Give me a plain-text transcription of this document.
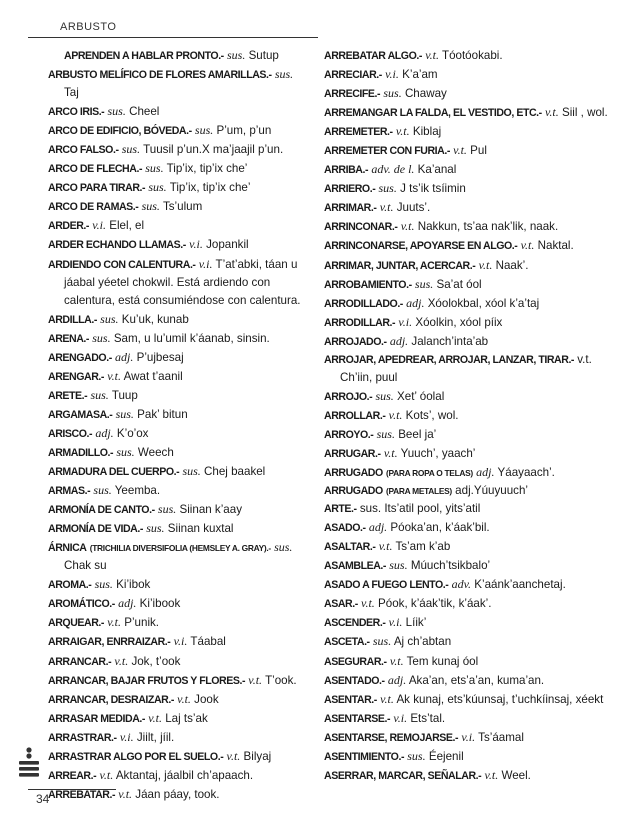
ARBUSTO

APRENDEN A HABLAR PRONTO.- sus. Sutup

ARBUSTO MELÍFICO DE FLORES AMARILLAS.- sus. Taj

ARCO IRIS.- sus. Cheel

ARCO DE EDIFICIO, BÓVEDA.- sus. P’um, p’un

ARCO FALSO.- sus. Tuusil p’un.X ma’jaajil p’un.

ARCO DE FLECHA.- sus. Tip’ix, tip’ix che’

ARCO PARA TIRAR.- sus. Tip’ix, tip’ix che’

ARCO DE RAMAS.- sus. Ts’ulum

ARDER.- v.i. Elel, el

ARDER ECHANDO LLAMAS.- v.i. Jopankil

ARDIENDO CON CALENTURA.- v.i. T’at’abki, táan u jáabal yéetel chokwil. Está ardiendo con calentura, está consumiéndose con calentura.

ARDILLA.- sus. Ku’uk, kunab

ARENA.- sus. Sam, u lu’umil k’áanab, sinsin.

ARENGADO.- adj. P’ujbesaj

ARENGAR.- v.t. Awat t’aanil

ARETE.- sus. Tuup

ARGAMASA.- sus. Pak’ bitun

ARISCO.- adj. K’o’ox

ARMADILLO.- sus. Weech

ARMADURA DEL CUERPO.- sus. Chej baakel

ARMAS.- sus. Yeemba.

ARMONÍA DE CANTO.- sus. Siinan k’aay

ARMONÍA DE VIDA.- sus. Siinan kuxtal

ÁRNICA (TRICHILIA DIVERSIFOLIA (HEMSLEY A. GRAY).- sus. Chak su

AROMA.- sus. Ki’ibok

AROMÁTICO.- adj. Ki’ibook

ARQUEAR.- v.t. P’unik.

ARRAIGAR, ENRRAIZAR.- v.i. Táabal

ARRANCAR.- v.t. Jok, t’ook

ARRANCAR, BAJAR FRUTOS Y FLORES.- v.t. T’ook.

ARRANCAR, DESRAIZAR.- v.t. Jook

ARRASAR MEDIDA.- v.t. Laj ts’ak

ARRASTRAR.- v.i. Jiilt, jíil.

ARRASTRAR ALGO POR EL SUELO.- v.t. Bilyaj

ARREAR.- v.t. Aktantaj, jáalbil ch’apaach.

ARREBATAR.- v.t. Jáan páay, took.

ARREBATAR ALGO.- v.t. Tóotóokabi.

ARRECIAR.- v.i. K’a’am

ARRECIFE.- sus. Chaway

ARREMANGAR LA FALDA, EL VESTIDO, ETC.- v.t. Siil , wol.

ARREMETER.- v.t. Kiblaj

ARREMETER CON FURIA.- v.t. Pul

ARRIBA.- adv. de l. Ka’anal

ARRIERO.- sus. J ts’ik tsíimin

ARRIMAR.- v.t. Juuts’.

ARRINCONAR.- v.t. Nakkun, ts’aa nak’lik, naak.

ARRINCONARSE, APOYARSE EN ALGO.- v.t. Naktal.

ARRIMAR, JUNTAR, ACERCAR.- v.t. Naak’.

ARROBAMIENTO.- sus. Sa’at óol

ARRODILLADO.- adj. Xóolokbal, xóol k’a’taj

ARRODILLAR.- v.i. Xóolkin, xóol píix

ARROJADO.- adj. Jalanch’inta’ab

ARROJAR, APEDREAR, ARROJAR, LANZAR, TIRAR.- v.t. Ch’iin, puul

ARROJO.- sus. Xet’ óolal

ARROLLAR.- v.t. Kots’, wol.

ARROYO.- sus. Beel ja’

ARRUGAR.- v.t. Yuuch’, yaach’

ARRUGADO (PARA ROPA O TELAS) adj. Yáayaach’.

ARRUGADO (PARA METALES) adj.Yúuyuuch’

ARTE.- sus. Its’atil pool, yits’atil

ASADO.- adj. Póoka’an, k’áak’bil.

ASALTAR.- v.t. Ts’am k’ab

ASAMBLEA.- sus. Múuch’tsikbalo’

ASADO A FUEGO LENTO.- adv. K’aánk’aanchetaj.

ASAR.- v.t. Póok, k’áak’tik, k’áak’.

ASCENDER.- v.i. Líik’

ASCETA.- sus. Aj ch’abtan

ASEGURAR.- v.t. Tem kunaj óol

ASENTADO.- adj. Aka’an, ets’a’an, kuma’an.

ASENTAR.- v.t. Ak kunaj, ets’kúunsaj, t’uchkíinsaj, xéekt

ASENTARSE.- v.i. Ets’tal.

ASENTARSE, REMOJARSE.- v.i. Ts’áamal

ASENTIMIENTO.- sus. Éejenil

ASERRAR, MARCAR, SEÑALAR.- v.t. Weel.

34
